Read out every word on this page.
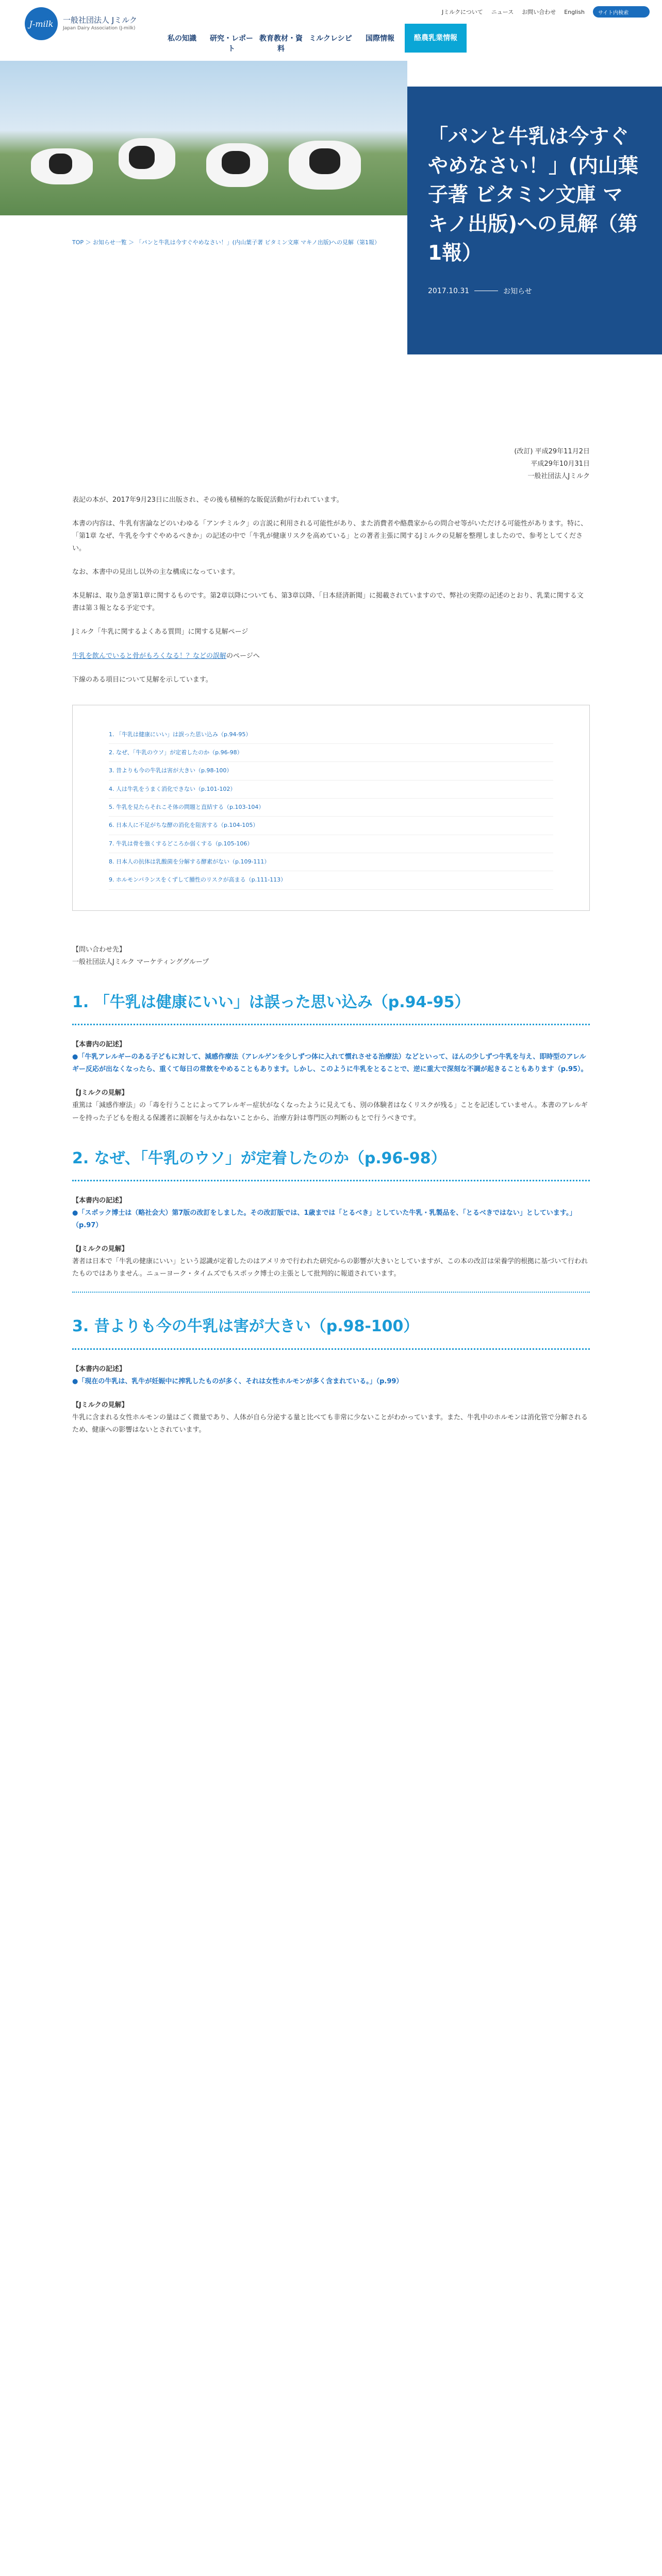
J-milk	一般社団法人 Jミルク
Japan Dairy Association (J-milk)
Jミルクについて ニュース お問い合わせ English	サイト内検索
私の知識	研究・レポート
教育教材・資料
ミルクレシピ	国際情報	酪農乳業情報
「パンと牛乳は今すぐやめなさい！」(内山葉子著 ビタミン文庫 マキノ出版)への見解（第1報）
2017.10.31	お知らせ
TOP ＞ お知らせ一覧 ＞ 「パンと牛乳は今すぐやめなさい！」(内山葉子著 ビタミン文庫 マキノ出版)への見解（第1報）
(改訂) 平成29年11月2日
平成29年10月31日
一般社団法人Jミルク
表記の本が、2017年9月23日に出版され、その後も積極的な販促活動が行われています。
本書の内容は、牛乳有害論などのいわゆる「アンチミルク」の言説に利用される可能性があり、また消費者や酪農家からの問合せ等がいただける可能性があります。特に、「第1章 なぜ、牛乳を今すぐやめるべきか」の記述の中で「牛乳が健康リスクを高めている」との著者主張に関するJミルクの見解を整理しましたので、参考としてください。
なお、本書中の見出し以外の主な構成になっています。
本見解は、取り急ぎ第1章に関するものです。第2章以降についても、第3章以降、「日本経済新聞」に掲載されていますので、弊社の実際の記述のとおり、乳業に関する文書は第３報となる予定です。
Jミルク「牛乳に関するよくある質問」に関する見解ページ
牛乳を飲んでいると骨がもろくなる！？などの誤解のページへ
下線のある項目について見解を示しています。
1. 「牛乳は健康にいい」は誤った思い込み（p.94-95）
2. なぜ、「牛乳のウソ」が定着したのか（p.96-98）
3. 昔よりも今の牛乳は害が大きい（p.98-100）
4. 人は牛乳をうまく消化できない（p.101-102）
5. 牛乳を見たらそれこそ体の問題と直結する（p.103-104）
6. 日本人に不足がちな酵の消化を阻害する（p.104-105）
7. 牛乳は骨を強くするどころか弱くする（p.105-106）
8. 日本人の抗体は乳酸菌を分解する酵素がない（p.109-111）
9. ホルモンバランスをくずして腫性のリスクが高まる（p.111-113）
【問い合わせ先】
一般社団法人Jミルク マーケティンググループ
1. 「牛乳は健康にいい」は誤った思い込み（p.94-95）
【本書内の記述】
●「牛乳アレルギーのある子どもに対して、減感作療法（アレルゲンを少しずつ体に入れて慣れさせる治療法）などといって、ほんの少しずつ牛乳を与え、即時型のアレルギー反応が出なくなったら、重くて毎日の常飲をやめることもあります。しかし、このように牛乳をとることで、逆に重大で深刻な不調が起きることもあります（p.95）。
【Jミルクの見解】
重篤は「減感作療法」の「毒を行うことによってアレルギー症状がなくなったように見えても、別の体験者はなくリスクが残る」ことを記述していません。本書のアレルギーを持った子どもを抱える保護者に誤解を与えかねないことから、治療方針は専門医の判断のもとで行うべきです。
2. なぜ、「牛乳のウソ」が定着したのか（p.96-98）
【本書内の記述】
●「スポック博士は（略社会大）第7版の改訂をしました。その改訂版では、1歳までは「とるべき」としていた牛乳・乳製品を、「とるべきではない」としています。」（p.97）
【Jミルクの見解】
著者は日本で「牛乳の健康にいい」という認識が定着したのはアメリカで行われた研究からの影響が大きいとしていますが、この本の改訂は栄養学的根拠に基づいて行われたものではありません。ニューヨーク・タイムズでもスポック博士の主張として批判的に報道されています。
3. 昔よりも今の牛乳は害が大きい（p.98-100）
【本書内の記述】
●「現在の牛乳は、乳牛が妊娠中に搾乳したものが多く、それは女性ホルモンが多く含まれている。」（p.99）
【Jミルクの見解】
牛乳に含まれる女性ホルモンの量はごく微量であり、人体が自ら分泌する量と比べても非常に少ないことがわかっています。また、牛乳中のホルモンは消化管で分解されるため、健康への影響はないとされています。
